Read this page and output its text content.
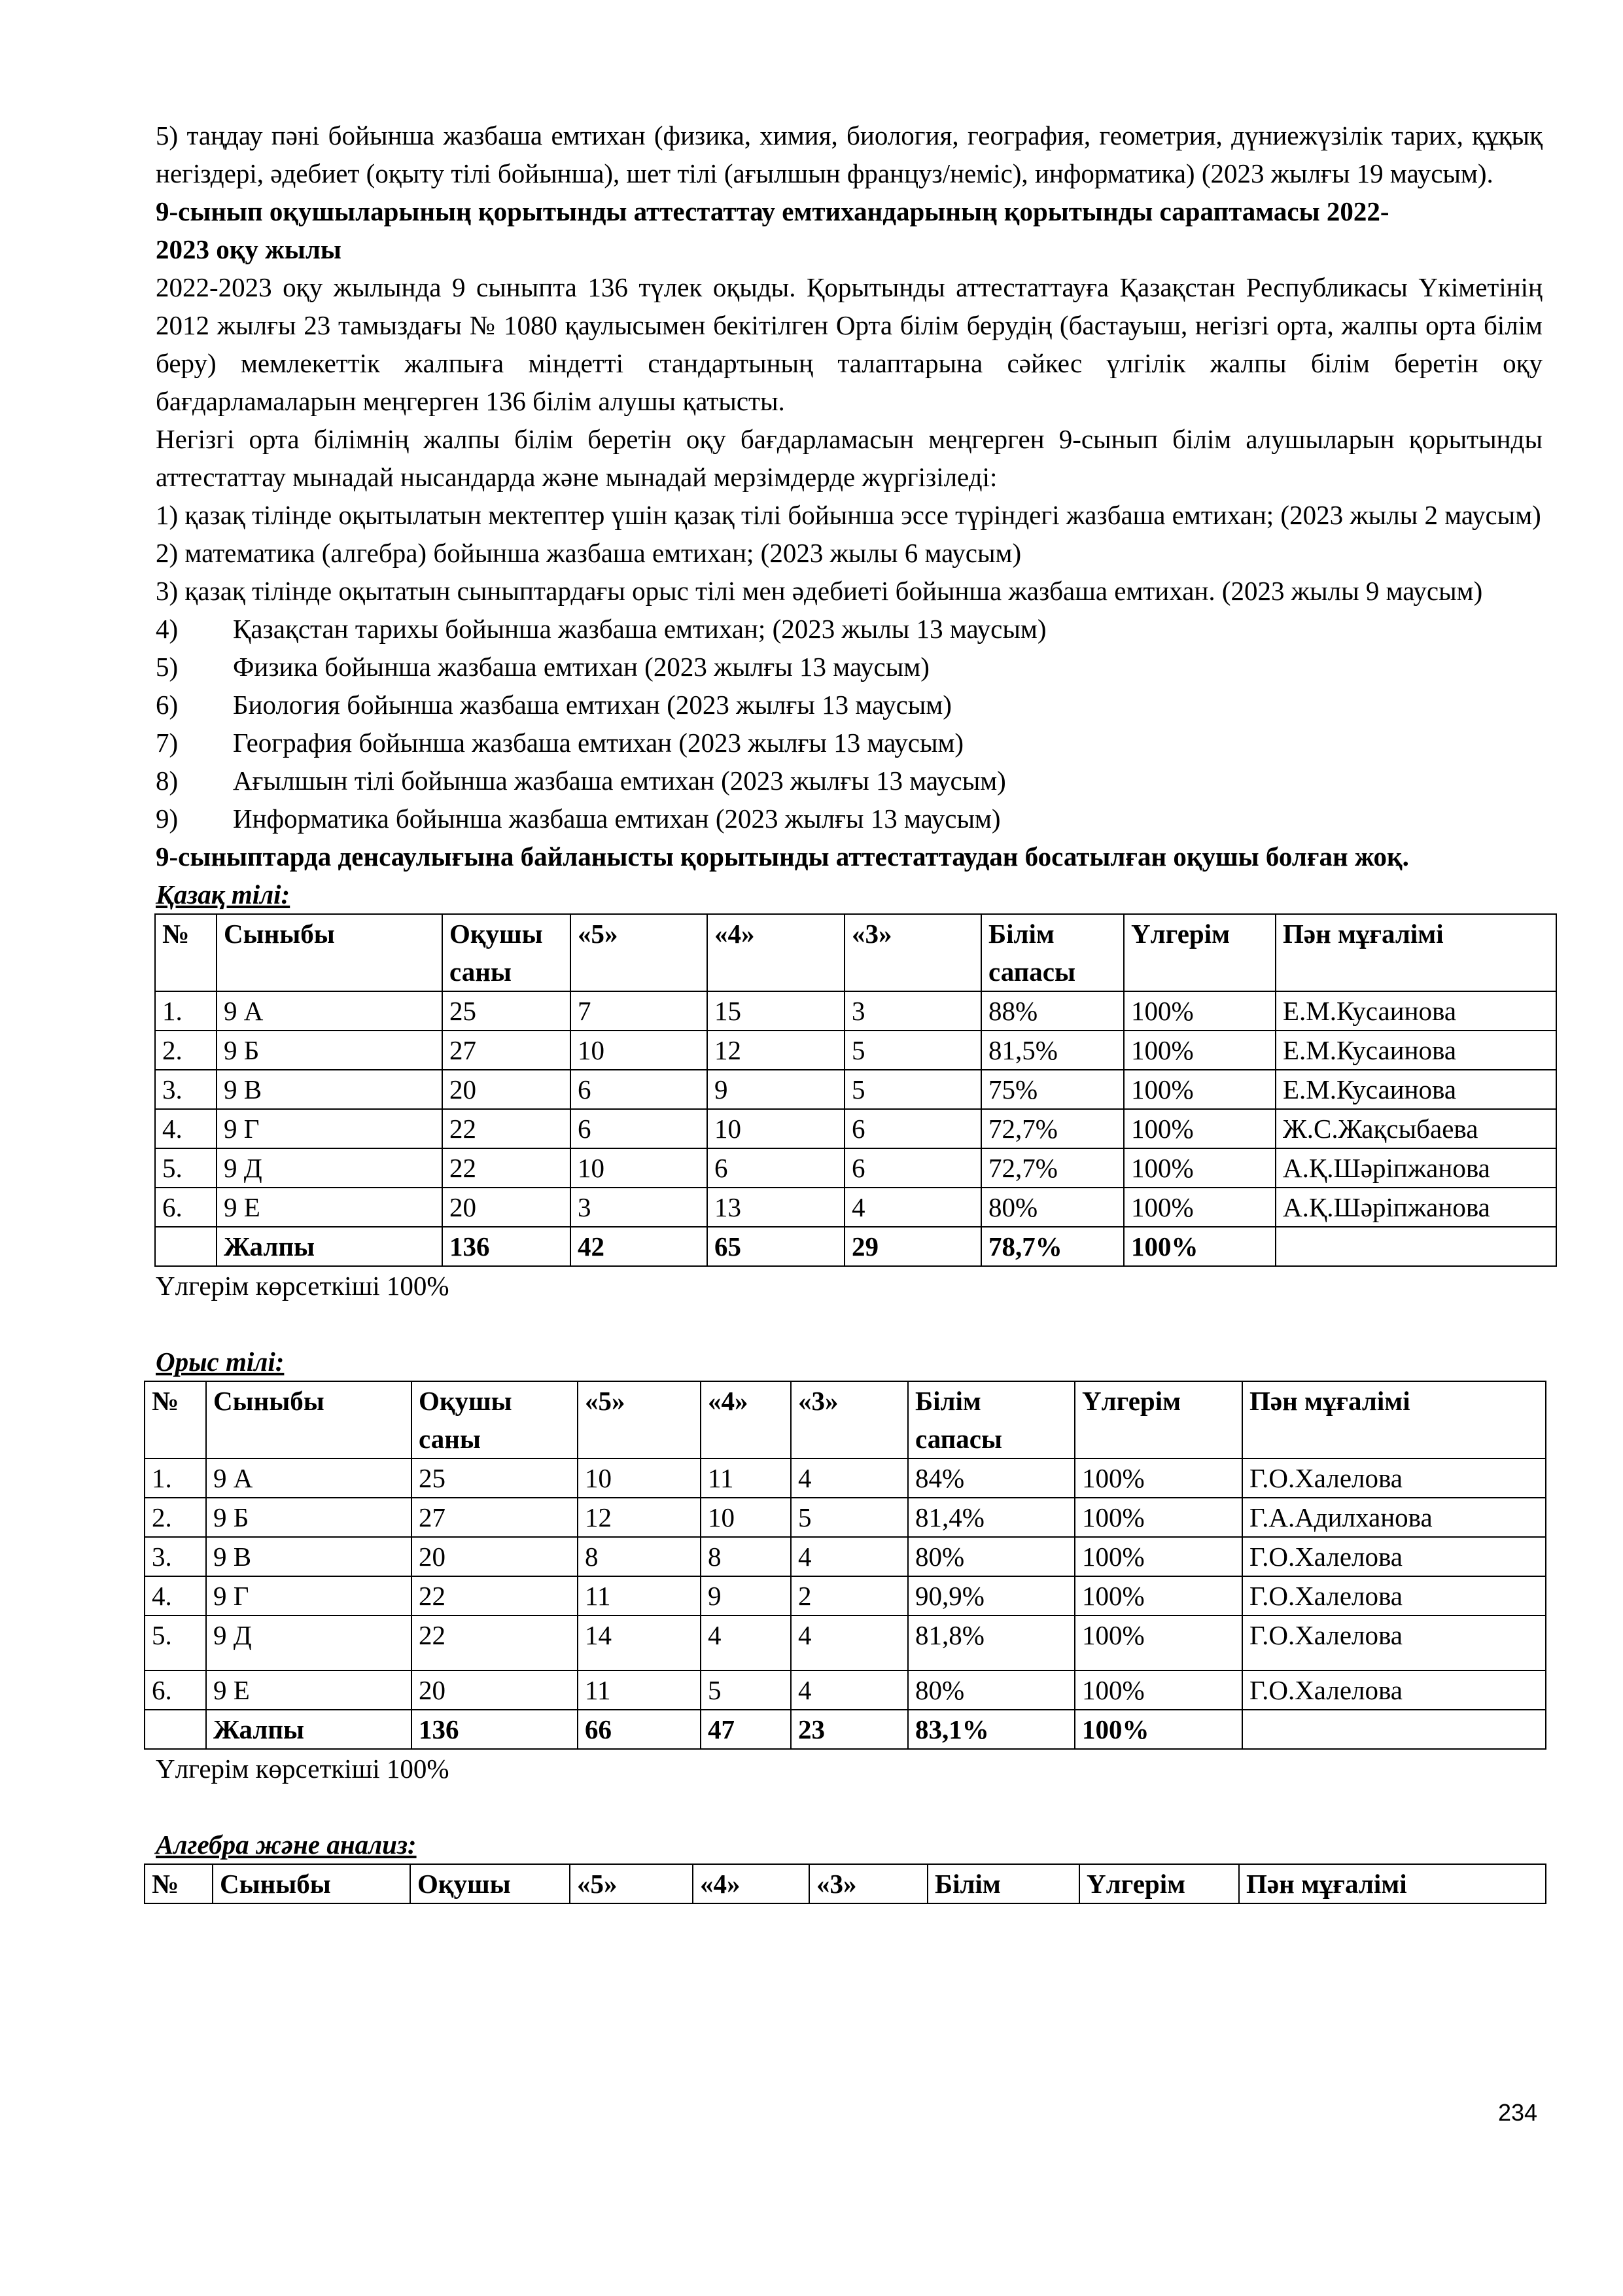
5) таңдау пәні бойынша жазбаша емтихан (физика, химия, биология, география, геометрия, дүниежүзілік тарих, құқық негіздері, әдебиет (оқыту тілі бойынша), шет тілі (ағылшын француз/неміс), информатика) (2023 жылғы 19 маусым).

9-сынып оқушыларының қорытынды аттестаттау емтихандарының қорытынды сараптамасы 2022-2023 оқу жылы

2022-2023 оқу жылында 9 сыныпта 136 түлек оқыды. Қорытынды аттестаттауға Қазақстан Республикасы Үкіметінің 2012 жылғы 23 тамыздағы № 1080 қаулысымен бекітілген Орта білім берудің (бастауыш, негізгі орта, жалпы орта білім беру) мемлекеттік жалпыға міндетті стандартының талаптарына сәйкес үлгілік жалпы білім беретін оқу бағдарламаларын меңгерген 136 білім алушы қатысты.

Негізгі орта білімнің жалпы білім беретін оқу бағдарламасын меңгерген 9-сынып білім алушыларын қорытынды аттестаттау мынадай нысандарда және мынадай мерзімдерде жүргізіледі:

1) қазақ тілінде оқытылатын мектептер үшін қазақ тілі бойынша эссе түріндегі жазбаша емтихан; (2023 жылы 2 маусым)

2) математика (алгебра) бойынша жазбаша емтихан; (2023 жылы 6 маусым)

3) қазақ тілінде оқытатын сыныптардағы орыс тілі мен әдебиеті бойынша жазбаша емтихан. (2023 жылы 9 маусым)

4)	Қазақстан тарихы бойынша жазбаша емтихан; (2023 жылы 13 маусым)
5)	Физика бойынша жазбаша емтихан (2023 жылғы 13 маусым)
6)	Биология бойынша жазбаша емтихан (2023 жылғы 13 маусым)
7)	География бойынша жазбаша емтихан (2023 жылғы 13 маусым)
8)	Ағылшын тілі бойынша жазбаша емтихан (2023 жылғы 13 маусым)
9)	Информатика бойынша жазбаша емтихан (2023 жылғы 13 маусым)

9-сыныптарда денсаулығына байланысты қорытынды аттестаттаудан босатылған оқушы болған жоқ.

Қазақ тілі:

№	Сыныбы	Оқушы саны	«5»	«4»	«3»	Білім сапасы	Үлгерім	Пән мұғалімі
1.	9 А	25	7	15	3	88%	100%	Е.М.Кусаинова
2.	9 Б	27	10	12	5	81,5%	100%	Е.М.Кусаинова
3.	9 В	20	6	9	5	75%	100%	Е.М.Кусаинова
4.	9 Г	22	6	10	6	72,7%	100%	Ж.С.Жақсыбаева
5.	9 Д	22	10	6	6	72,7%	100%	А.Қ.Шәріпжанова
6.	9 Е	20	3	13	4	80%	100%	А.Қ.Шәріпжанова
	Жалпы	136	42	65	29	78,7%	100%	

Үлгерім көрсеткіші 100%

Орыс тілі:

№	Сыныбы	Оқушы саны	«5»	«4»	«3»	Білім сапасы	Үлгерім	Пән мұғалімі
1.	9 А	25	10	11	4	84%	100%	Г.О.Халелова
2.	9 Б	27	12	10	5	81,4%	100%	Г.А.Адилханова
3.	9 В	20	8	8	4	80%	100%	Г.О.Халелова
4.	9 Г	22	11	9	2	90,9%	100%	Г.О.Халелова
5.	9 Д	22	14	4	4	81,8%	100%	Г.О.Халелова
6.	9 Е	20	11	5	4	80%	100%	Г.О.Халелова
	Жалпы	136	66	47	23	83,1%	100%	

Үлгерім көрсеткіші 100%

Алгебра және анализ:

№	Сыныбы	Оқушы	«5»	«4»	«3»	Білім	Үлгерім	Пән мұғалімі
234
